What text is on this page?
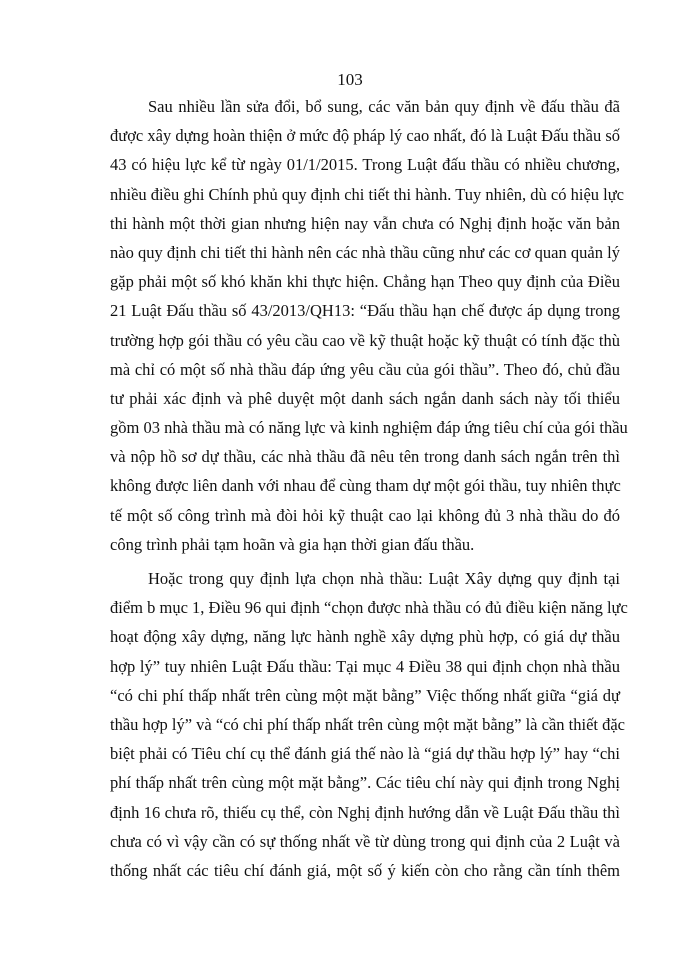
103
Sau nhiều lần sửa đổi, bổ sung, các văn bản quy định về đấu thầu đã
được xây dựng hoàn thiện ở mức độ pháp lý cao nhất, đó là Luật Đấu thầu số
43 có hiệu lực kể từ ngày 01/1/2015. Trong Luật đấu thầu có nhiều chương,
nhiều điều ghi Chính phủ quy định chi tiết thi hành. Tuy nhiên, dù có hiệu lực
thi hành một thời gian nhưng hiện nay vẫn chưa có Nghị định hoặc văn bản
nào quy định chi tiết thi hành nên các nhà thầu cũng như các cơ quan quản lý
gặp phải một số khó khăn khi thực hiện. Chẳng hạn Theo quy định của Điều
21 Luật Đấu thầu số 43/2013/QH13: “Đấu thầu hạn chế được áp dụng trong
trường hợp gói thầu có yêu cầu cao về kỹ thuật hoặc kỹ thuật có tính đặc thù
mà chỉ có một số nhà thầu đáp ứng yêu cầu của gói thầu”. Theo đó, chủ đầu
tư phải xác định và phê duyệt một danh sách ngắn danh sách này tối thiểu
gồm 03 nhà thầu mà có năng lực và kinh nghiệm đáp ứng tiêu chí của gói thầu
và nộp hồ sơ dự thầu, các nhà thầu đã nêu tên trong danh sách ngắn trên thì
không được liên danh với nhau để cùng tham dự một gói thầu, tuy nhiên thực
tế một số công trình mà đòi hỏi kỹ thuật cao lại không đủ 3 nhà thầu do đó
công trình phải tạm hoãn và gia hạn thời gian đấu thầu.
Hoặc trong quy định lựa chọn nhà thầu: Luật Xây dựng quy định tại
điểm b mục 1, Điều 96 qui định “chọn được nhà thầu có đủ điều kiện năng lực
hoạt động xây dựng, năng lực hành nghề xây dựng phù hợp, có giá dự thầu
hợp lý” tuy nhiên Luật Đấu thầu: Tại mục 4 Điều 38 qui định chọn nhà thầu
“có chi phí thấp nhất trên cùng một mặt bằng” Việc thống nhất giữa “giá dự
thầu hợp lý” và “có chi phí thấp nhất trên cùng một mặt bằng” là cần thiết đặc
biệt phải có Tiêu chí cụ thể đánh giá thế nào là “giá dự thầu hợp lý” hay “chi
phí thấp nhất trên cùng một mặt bằng”. Các tiêu chí này qui định trong Nghị
định 16 chưa rõ, thiếu cụ thể, còn Nghị định hướng dẫn về Luật Đấu thầu thì
chưa có vì vậy cần có sự thống nhất về từ dùng trong qui định của 2 Luật và
thống nhất các tiêu chí đánh giá, một số ý kiến còn cho rằng cần tính thêm
